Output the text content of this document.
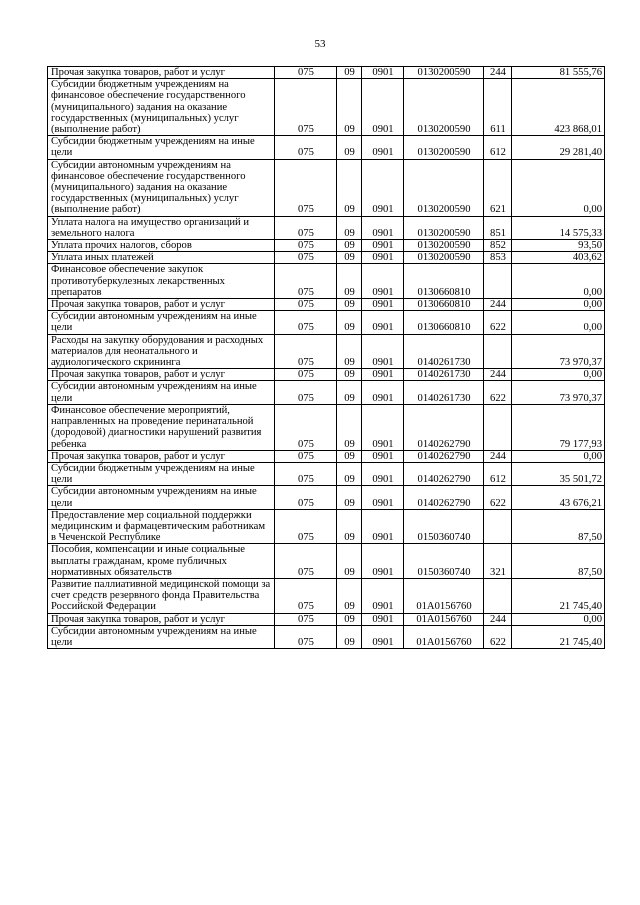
53
Прочая закупка товаров, работ и услуг	075	09	0901	0130200590	244	81 555,76
Субсидии бюджетным учреждениям на финансовое обеспечение государственного (муниципального) задания на оказание государственных (муниципальных) услуг (выполнение работ)	075	09	0901	0130200590	611	423 868,01
Субсидии бюджетным учреждениям на иные цели	075	09	0901	0130200590	612	29 281,40
Субсидии автономным учреждениям на финансовое обеспечение государственного (муниципального) задания на оказание государственных (муниципальных) услуг (выполнение работ)	075	09	0901	0130200590	621	0,00
Уплата налога на имущество организаций и земельного налога	075	09	0901	0130200590	851	14 575,33
Уплата прочих налогов, сборов	075	09	0901	0130200590	852	93,50
Уплата иных платежей	075	09	0901	0130200590	853	403,62
Финансовое обеспечение закупок противотуберкулезных лекарственных препаратов	075	09	0901	0130660810		0,00
Прочая закупка товаров, работ и услуг	075	09	0901	0130660810	244	0,00
Субсидии автономным учреждениям на иные цели	075	09	0901	0130660810	622	0,00
Расходы на закупку оборудования и расходных материалов для неонатального и аудиологического скрининга	075	09	0901	0140261730		73 970,37
Прочая закупка товаров, работ и услуг	075	09	0901	0140261730	244	0,00
Субсидии автономным учреждениям на иные цели	075	09	0901	0140261730	622	73 970,37
Финансовое обеспечение мероприятий, направленных на проведение перинатальной (дородовой) диагностики нарушений развития ребенка	075	09	0901	0140262790		79 177,93
Прочая закупка товаров, работ и услуг	075	09	0901	0140262790	244	0,00
Субсидии бюджетным учреждениям на иные цели	075	09	0901	0140262790	612	35 501,72
Субсидии автономным учреждениям на иные цели	075	09	0901	0140262790	622	43 676,21
Предоставление мер социальной поддержки медицинским и фармацевтическим работникам в Чеченской Республике	075	09	0901	0150360740		87,50
Пособия, компенсации и иные социальные выплаты гражданам, кроме публичных нормативных обязательств	075	09	0901	0150360740	321	87,50
Развитие паллиативной медицинской помощи за счет средств резервного фонда Правительства Российской Федерации	075	09	0901	01А0156760		21 745,40
Прочая закупка товаров, работ и услуг	075	09	0901	01А0156760	244	0,00
Субсидии автономным учреждениям на иные цели	075	09	0901	01А0156760	622	21 745,40
